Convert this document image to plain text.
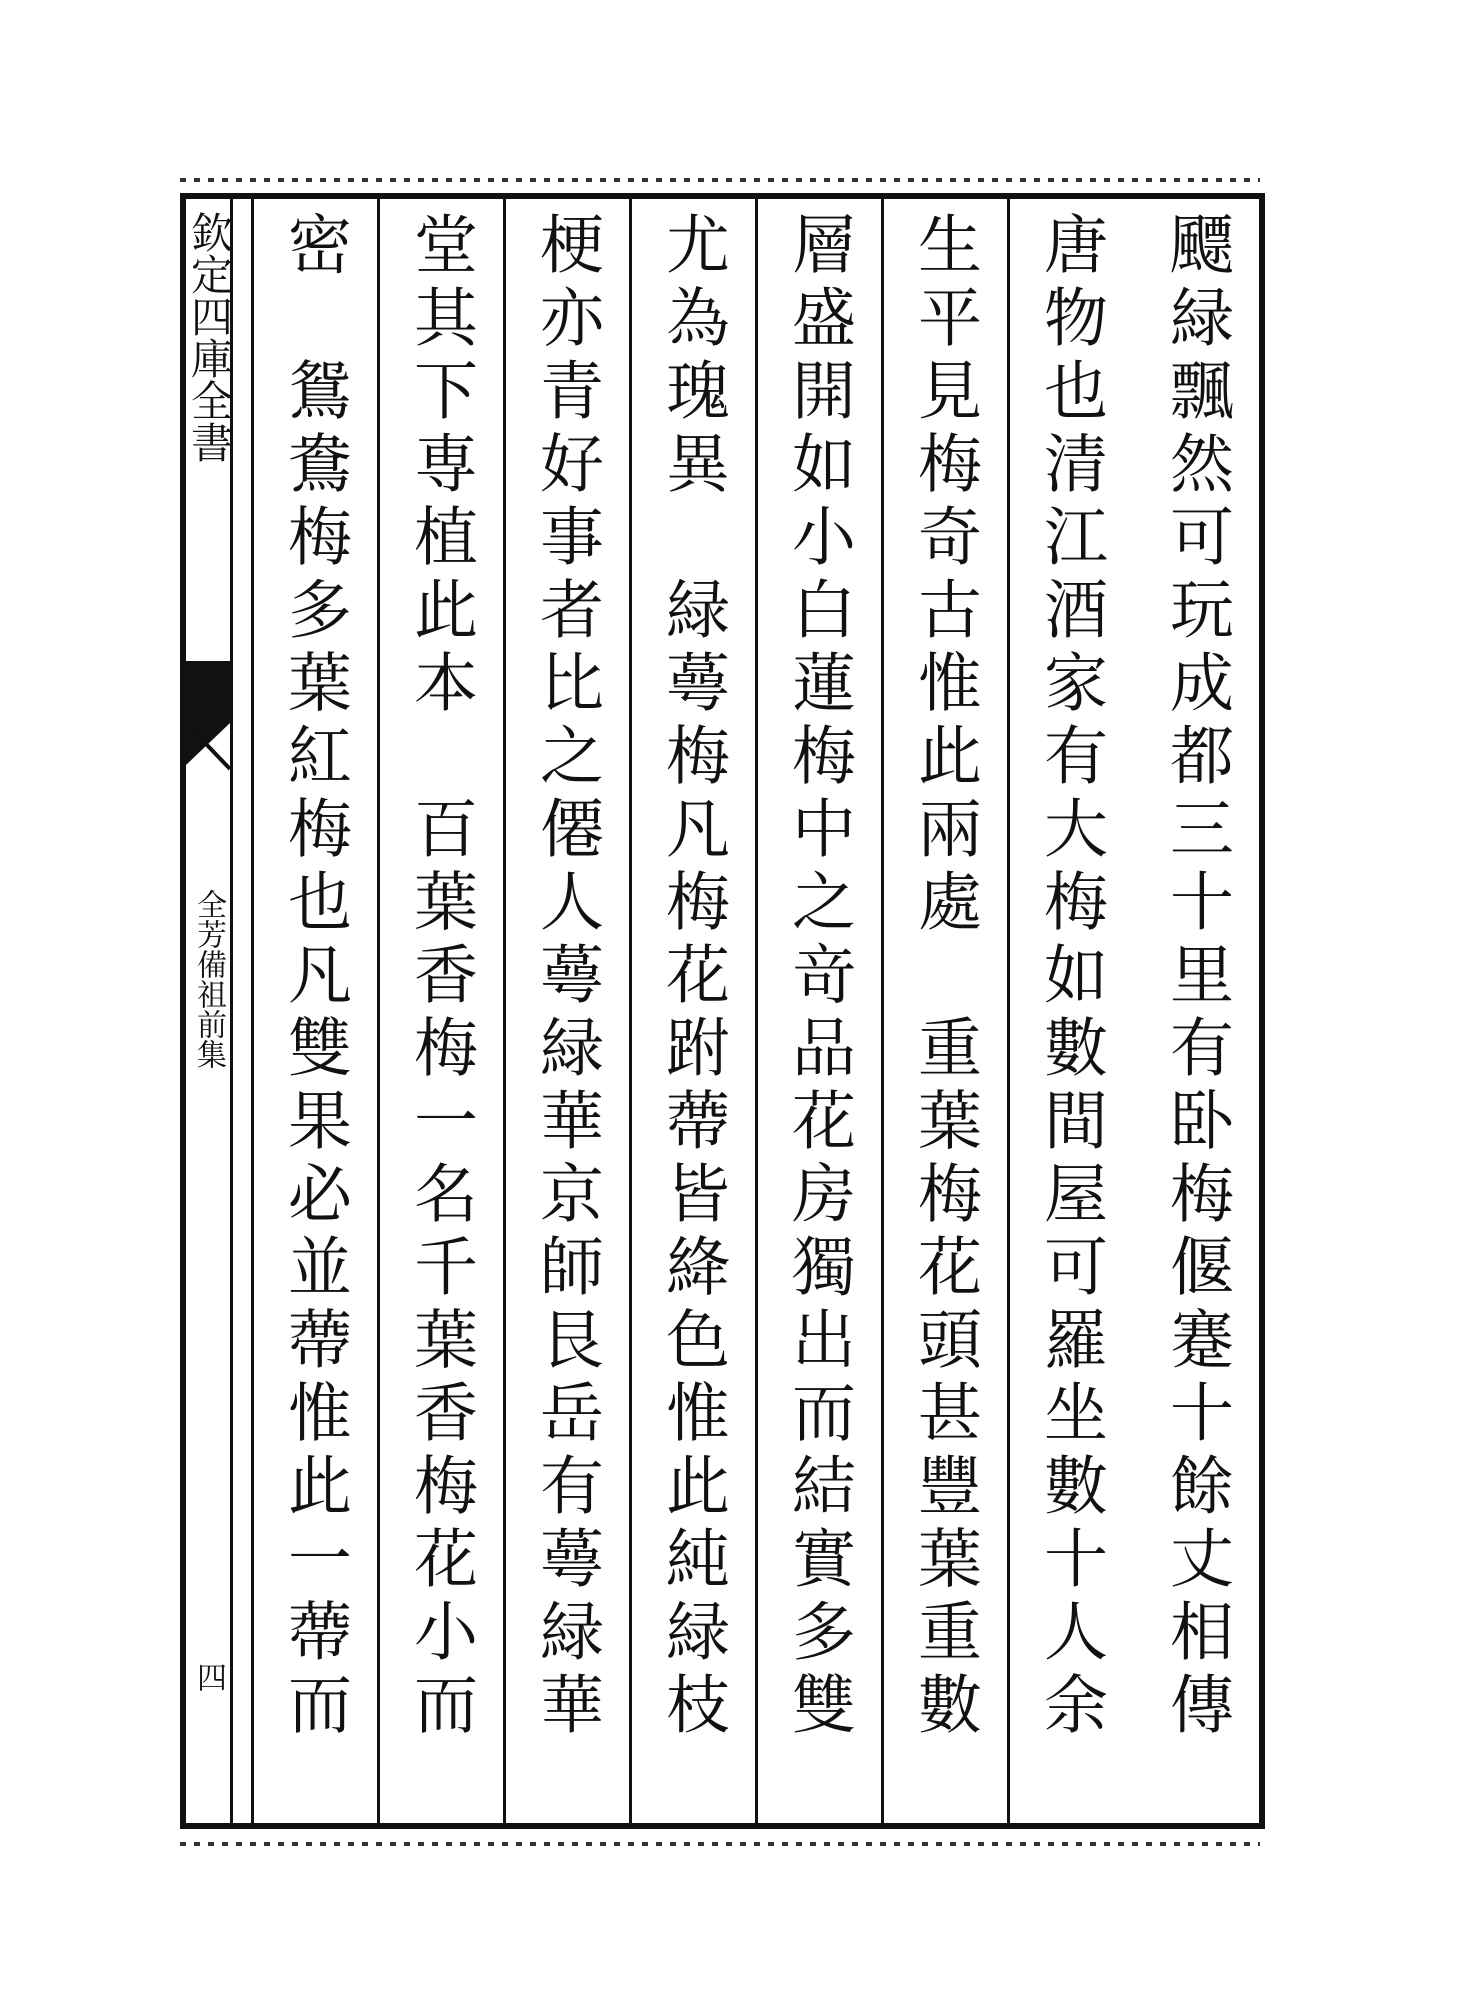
欽定四庫全書
全芳備祖前集
四	飃緑飄然可玩成都三十里有卧梅偃蹇十餘丈相傳
唐物也清江酒家有大梅如數間屋可羅坐數十人余
生平見梅奇古惟此兩處　重葉梅花頭甚豐葉重數
層盛開如小白蓮梅中之竒品花房獨出而結實多雙
尤為瑰異　緑蕚梅凡梅花跗蔕皆絳色惟此純緑枝
梗亦青好事者比之僊人蕚緑華京師艮岳有蕚緑華
堂其下専植此本　百葉香梅一名千葉香梅花小而
密　鴛鴦梅多葉紅梅也凡雙果必並蔕惟此一蔕而
